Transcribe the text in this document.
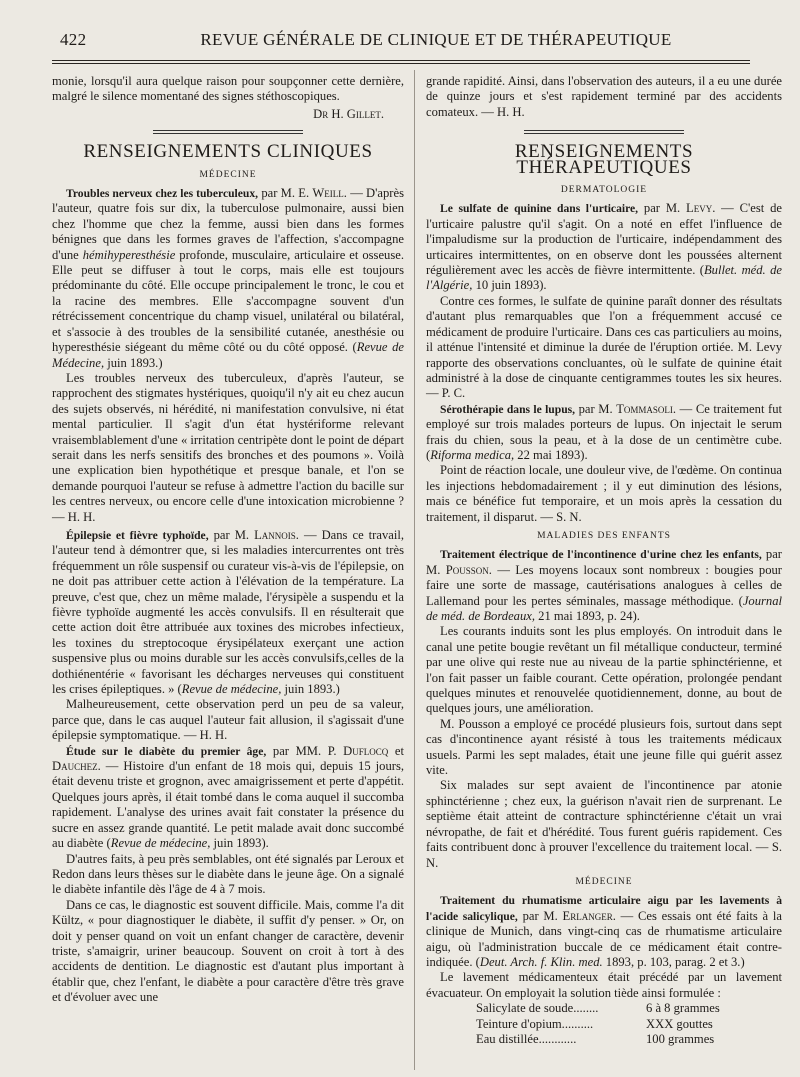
422	REVUE GÉNÉRALE DE CLINIQUE ET DE THÉRAPEUTIQUE

monie, lorsqu'il aura quelque raison pour soupçonner cette dernière, malgré le silence momentané des signes stéthoscopiques.

Dr H. Gillet.

RENSEIGNEMENTS CLINIQUES

MÉDECINE

Troubles nerveux chez les tuberculeux, par M. E. Weill. — D'après l'auteur, quatre fois sur dix, la tuberculose pulmonaire, aussi bien chez l'homme que chez la femme, aussi bien dans les formes bénignes que dans les formes graves de l'affection, s'accompagne d'une hémihyperesthésie profonde, musculaire, articulaire et osseuse. Elle peut se diffuser à tout le corps, mais elle est toujours prédominante du côté. Elle occupe principalement le tronc, le cou et la racine des membres. Elle s'accompagne souvent d'un rétrécissement concentrique du champ visuel, unilatéral ou bilatéral, et s'associe à des troubles de la sensibilité cutanée, anesthésie ou hyperesthésie siégeant du même côté ou du côté opposé. (Revue de Médecine, juin 1893.)

Les troubles nerveux des tuberculeux, d'après l'auteur, se rapprochent des stigmates hystériques, quoiqu'il n'y ait eu chez aucun des sujets observés, ni hérédité, ni manifestation convulsive, ni état mental particulier. Il s'agit d'un état hystériforme relevant vraisemblablement d'une « irritation centripète dont le point de départ serait dans les nerfs sensitifs des bronches et des poumons ». Voilà une explication bien hypothétique et presque banale, et l'on se demande pourquoi l'auteur se refuse à admettre l'action du bacille sur les centres nerveux, ou encore celle d'une intoxication microbienne ? — H. H.

Épilepsie et fièvre typhoïde, par M. Lannois. — Dans ce travail, l'auteur tend à démontrer que, si les maladies intercurrentes ont très fréquemment un rôle suspensif ou curateur vis-à-vis de l'épilepsie, on ne doit pas attribuer cette action à l'élévation de la température. La preuve, c'est que, chez un même malade, l'érysipèle a suspendu et la fièvre typhoïde augmenté les accès convulsifs. Il en résulterait que cette action doit être attribuée aux toxines des microbes infectieux, les toxines du streptocoque érysipélateux exerçant une action suspensive plus ou moins durable sur les accès convulsifs,celles de la dothiénentérie « favorisant les décharges nerveuses qui constituent les crises épileptiques. » (Revue de médecine, juin 1893.)

Malheureusement, cette observation perd un peu de sa valeur, parce que, dans le cas auquel l'auteur fait allusion, il s'agissait d'une épilepsie symptomatique. — H. H.

Étude sur le diabète du premier âge, par MM. P. Duflocq et Dauchez. — Histoire d'un enfant de 18 mois qui, depuis 15 jours, était devenu triste et grognon, avec amaigrissement et perte d'appétit. Quelques jours après, il était tombé dans le coma auquel il succomba rapidement. L'analyse des urines avait fait constater la présence du sucre en assez grande quantité. Le petit malade avait donc succombé au diabète (Revue de médecine, juin 1893).

D'autres faits, à peu près semblables, ont été signalés par Leroux et Redon dans leurs thèses sur le diabète dans le jeune âge. On a signalé le diabète infantile dès l'âge de 4 à 7 mois.

Dans ce cas, le diagnostic est souvent difficile. Mais, comme l'a dit Kültz, « pour diagnostiquer le diabète, il suffit d'y penser. » Or, on doit y penser quand on voit un enfant changer de caractère, devenir triste, s'amaigrir, uriner beaucoup. Souvent on croit à tort à des accidents de dentition. Le diagnostic est d'autant plus important à établir que, chez l'enfant, le diabète a pour caractère d'être très grave et d'évoluer avec une

grande rapidité. Ainsi, dans l'observation des auteurs, il a eu une durée de quinze jours et s'est rapidement terminé par des accidents comateux. — H. H.

RENSEIGNEMENTS THÉRAPEUTIQUES

DERMATOLOGIE

Le sulfate de quinine dans l'urticaire, par M. Levy. — C'est de l'urticaire palustre qu'il s'agit. On a noté en effet l'influence de l'impaludisme sur la production de l'urticaire, indépendamment des urticaires intermittentes, on en observe dont les poussées alternent régulièrement avec les accès de fièvre intermittente. (Bullet. méd. de l'Algérie, 10 juin 1893).

Contre ces formes, le sulfate de quinine paraît donner des résultats d'autant plus remarquables que l'on a fréquemment accusé ce médicament de produire l'urticaire. Dans ces cas particuliers au moins, il atténue l'intensité et diminue la durée de l'éruption ortiée. M. Levy rapporte des observations concluantes, où le sulfate de quinine était administré à la dose de cinquante centigrammes toutes les six heures. — P. C.

Sérothérapie dans le lupus, par M. Tommasoli. — Ce traitement fut employé sur trois malades porteurs de lupus. On injectait le serum frais du chien, sous la peau, et à la dose de un centimètre cube. (Riforma medica, 22 mai 1893).

Point de réaction locale, une douleur vive, de l'œdème. On continua les injections hebdomadairement ; il y eut diminution des lésions, mais ce bénéfice fut temporaire, et un mois après la cessation du traitement, il disparut. — S. N.

MALADIES DES ENFANTS

Traitement électrique de l'incontinence d'urine chez les enfants, par M. Pousson. — Les moyens locaux sont nombreux : bougies pour faire une sorte de massage, cautérisations analogues à celles de Lallemand pour les pertes séminales, massage méthodique. (Journal de méd. de Bordeaux, 21 mai 1893, p. 24).

Les courants induits sont les plus employés. On introduit dans le canal une petite bougie revêtant un fil métallique conducteur, terminé par une olive qui reste nue au niveau de la partie sphinctérienne, et l'on fait passer un faible courant. Cette opération, prolongée pendant quelques minutes et renouvelée quotidiennement, donne, au bout de quelques jours, une amélioration.

M. Pousson a employé ce procédé plusieurs fois, surtout dans sept cas d'incontinence ayant résisté à tous les traitements médicaux usuels. Parmi les sept malades, était une jeune fille qui guérit assez vite.

Six malades sur sept avaient de l'incontinence par atonie sphinctérienne ; chez eux, la guérison n'avait rien de surprenant. Le septième était atteint de contracture sphinctérienne c'était un vrai névropathe, de fait et d'hérédité. Tous furent guéris rapidement. Ces faits contribuent donc à prouver l'excellence du traitement local. — S. N.

MÉDECINE

Traitement du rhumatisme articulaire aigu par les lavements à l'acide salicylique, par M. Erlanger. — Ces essais ont été faits à la clinique de Munich, dans vingt-cinq cas de rhumatisme articulaire aigu, où l'administration buccale de ce médicament était contre-indiquée. (Deut. Arch. f. Klin. med. 1893, p. 103, parag. 2 et 3.)

Le lavement médicamenteux était précédé par un lavement évacuateur. On employait la solution tiède ainsi formulée :

Salicylate de soude........	6 à 8 grammes
Teinture d'opium..........	XXX gouttes
Eau distillée............	100 grammes
